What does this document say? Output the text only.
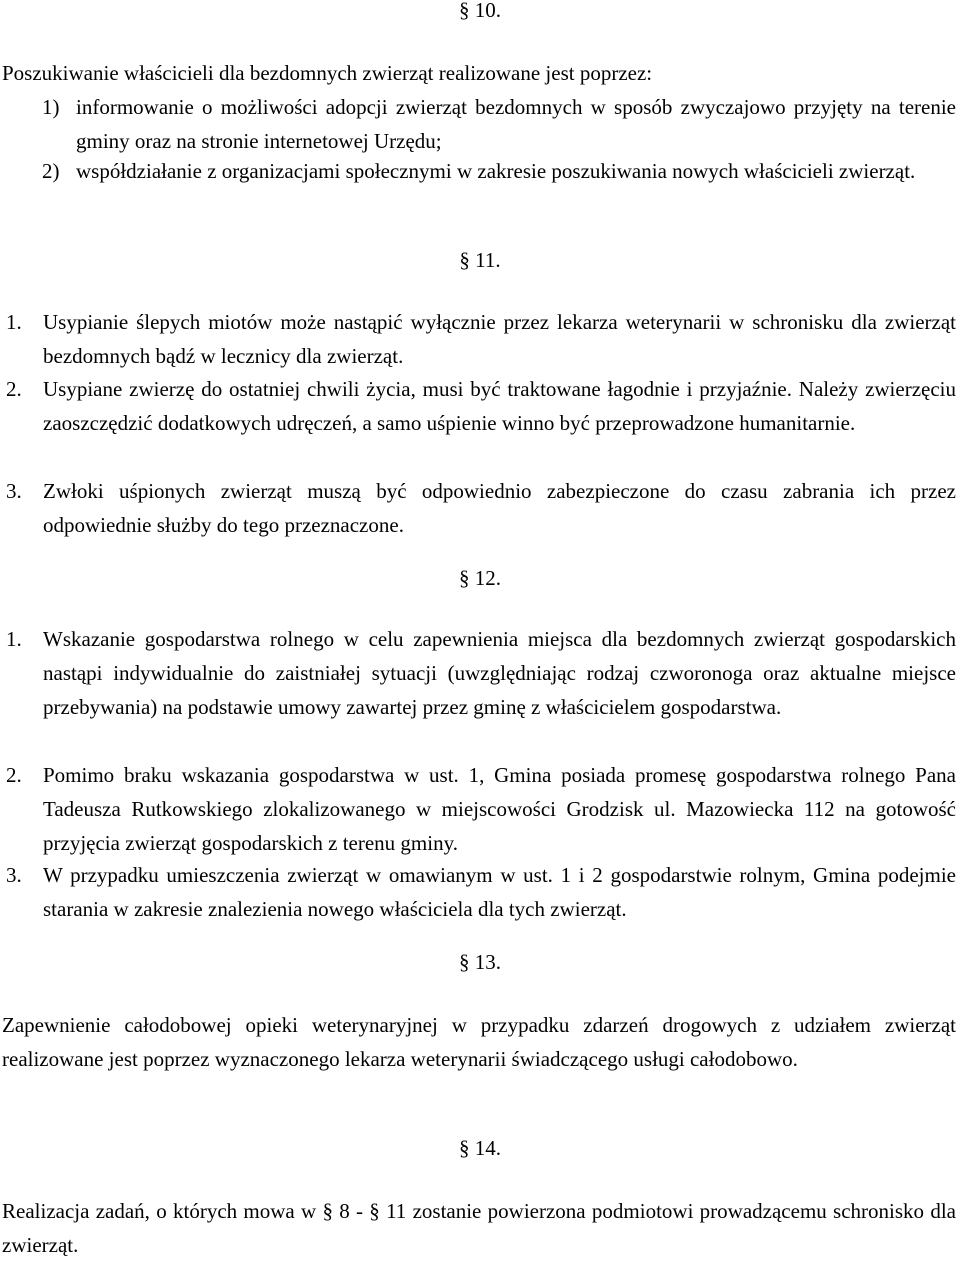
§ 10.
Poszukiwanie właścicieli dla bezdomnych zwierząt realizowane jest poprzez:
1) informowanie o możliwości adopcji zwierząt bezdomnych w sposób zwyczajowo przyjęty na terenie gminy oraz na stronie internetowej Urzędu;
2) współdziałanie z organizacjami społecznymi w zakresie poszukiwania nowych właścicieli zwierząt.
§ 11.
1. Usypianie ślepych miotów może nastąpić wyłącznie przez lekarza weterynarii w schronisku dla zwierząt bezdomnych bądź w lecznicy dla zwierząt.
2. Usypiane zwierzę do ostatniej chwili życia, musi być traktowane łagodnie i przyjaźnie. Należy zwierzęciu zaoszczędzić dodatkowych udręczeń, a samo uśpienie winno być przeprowadzone humanitarnie.
3. Zwłoki uśpionych zwierząt muszą być odpowiednio zabezpieczone do czasu zabrania ich przez odpowiednie służby do tego przeznaczone.
§ 12.
1. Wskazanie gospodarstwa rolnego w celu zapewnienia miejsca dla bezdomnych zwierząt gospodarskich nastąpi indywidualnie do zaistniałej sytuacji (uwzględniając rodzaj czworonoga oraz aktualne miejsce przebywania) na podstawie umowy zawartej przez gminę z właścicielem gospodarstwa.
2. Pomimo braku wskazania gospodarstwa w ust. 1, Gmina posiada promesę gospodarstwa rolnego Pana Tadeusza Rutkowskiego zlokalizowanego w miejscowości Grodzisk ul. Mazowiecka 112 na gotowość przyjęcia zwierząt gospodarskich z terenu gminy.
3. W przypadku umieszczenia zwierząt w omawianym w ust. 1 i 2 gospodarstwie rolnym, Gmina podejmie starania w zakresie znalezienia nowego właściciela dla tych zwierząt.
§ 13.
Zapewnienie całodobowej opieki weterynaryjnej w przypadku zdarzeń drogowych z udziałem zwierząt realizowane jest poprzez wyznaczonego lekarza weterynarii świadczącego usługi całodobowo.
§ 14.
Realizacja zadań, o których mowa w § 8 - § 11 zostanie powierzona podmiotowi prowadzącemu schronisko dla zwierząt.
